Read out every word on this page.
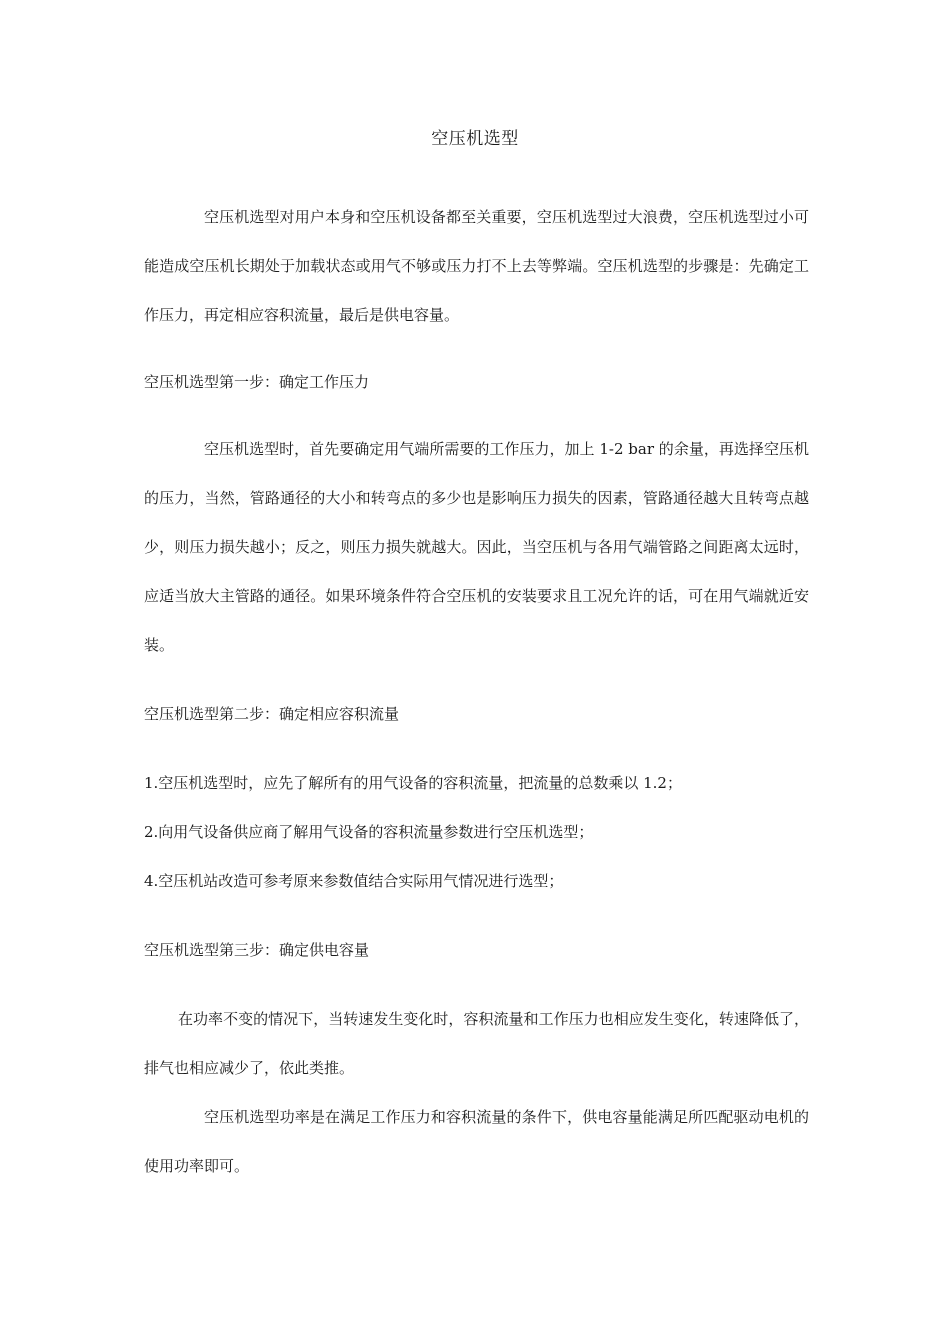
空压机选型

空压机选型对用户本身和空压机设备都至关重要，空压机选型过大浪费，空压机选型过小可能造成空压机长期处于加载状态或用气不够或压力打不上去等弊端。空压机选型的步骤是：先确定工作压力，再定相应容积流量，最后是供电容量。

空压机选型第一步：确定工作压力

空压机选型时，首先要确定用气端所需要的工作压力，加上 1-2 bar 的余量，再选择空压机的压力，当然，管路通径的大小和转弯点的多少也是影响压力损失的因素，管路通径越大且转弯点越少，则压力损失越小；反之，则压力损失就越大。因此，当空压机与各用气端管路之间距离太远时，应适当放大主管路的通径。如果环境条件符合空压机的安装要求且工况允许的话，可在用气端就近安装。

空压机选型第二步：确定相应容积流量

1.空压机选型时，应先了解所有的用气设备的容积流量，把流量的总数乘以 1.2；

2.向用气设备供应商了解用气设备的容积流量参数进行空压机选型；

4.空压机站改造可参考原来参数值结合实际用气情况进行选型；

空压机选型第三步：确定供电容量

在功率不变的情况下，当转速发生变化时，容积流量和工作压力也相应发生变化，转速降低了，排气也相应减少了，依此类推。

空压机选型功率是在满足工作压力和容积流量的条件下，供电容量能满足所匹配驱动电机的使用功率即可。
